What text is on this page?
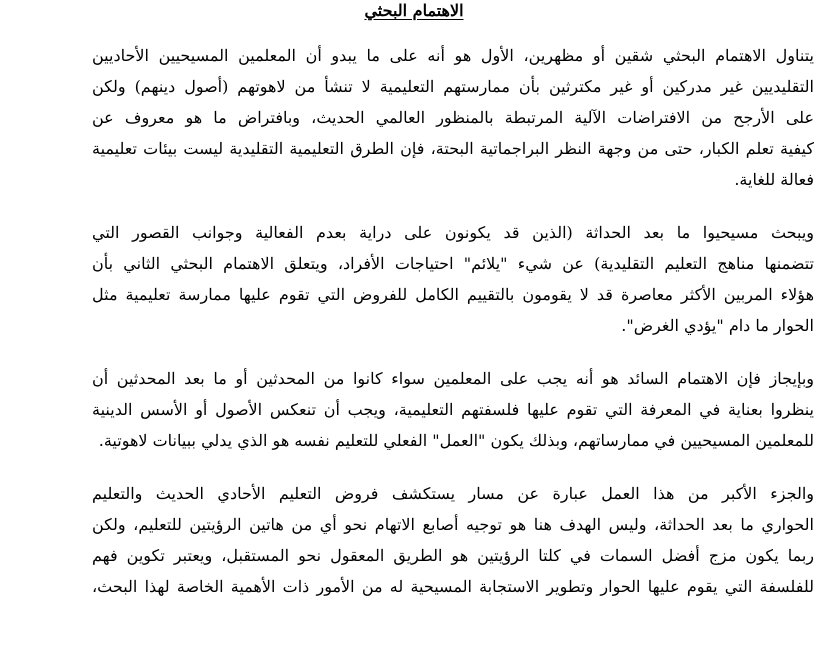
الاهتمام البحثي

يتناول الاهتمام البحثي شقين أو مظهرين، الأول هو أنه على ما يبدو أن المعلمين المسيحيين الأحاديين
التقليديين غير مدركين أو غير مكترثين بأن ممارستهم التعليمية لا تنشأ من لاهوتهم (أصول دينهم) ولكن
على الأرجح من الافتراضات الآلية المرتبطة بالمنظور العالمي الحديث، وبافتراض ما هو معروف عن
كيفية تعلم الكبار، حتى من وجهة النظر البراجماتية البحتة، فإن الطرق التعليمية التقليدية ليست بيئات تعليمية
فعالة للغاية.

ويبحث مسيحيوا ما بعد الحداثة (الذين قد يكونون على دراية بعدم الفعالية وجوانب القصور التي
تتضمنها مناهج التعليم التقليدية) عن شيء "يلائم" احتياجات الأفراد، ويتعلق الاهتمام البحثي الثاني بأن
هؤلاء المربين الأكثر معاصرة قد لا يقومون بالتقييم الكامل للفروض التي تقوم عليها ممارسة تعليمية مثل
الحوار ما دام "يؤدي الغرض".

وبإيجاز فإن الاهتمام السائد هو أنه يجب على المعلمين سواء كانوا من المحدثين أو ما بعد المحدثين أن
ينظروا بعناية في المعرفة التي تقوم عليها فلسفتهم التعليمية، ويجب أن تنعكس الأصول أو الأسس الدينية
للمعلمين المسيحيين في ممارساتهم، وبذلك يكون "العمل" الفعلي للتعليم نفسه هو الذي يدلي ببيانات لاهوتية.

والجزء الأكبر من هذا العمل عبارة عن مسار يستكشف فروض التعليم الأحادي الحديث والتعليم
الحواري ما بعد الحداثة، وليس الهدف هنا هو توجيه أصابع الاتهام نحو أي من هاتين الرؤيتين للتعليم، ولكن
ربما يكون مزج أفضل السمات في كلتا الرؤيتين هو الطريق المعقول نحو المستقبل، ويعتبر تكوين فهم
للفلسفة التي يقوم عليها الحوار وتطوير الاستجابة المسيحية له من الأمور ذات الأهمية الخاصة لهذا البحث،
